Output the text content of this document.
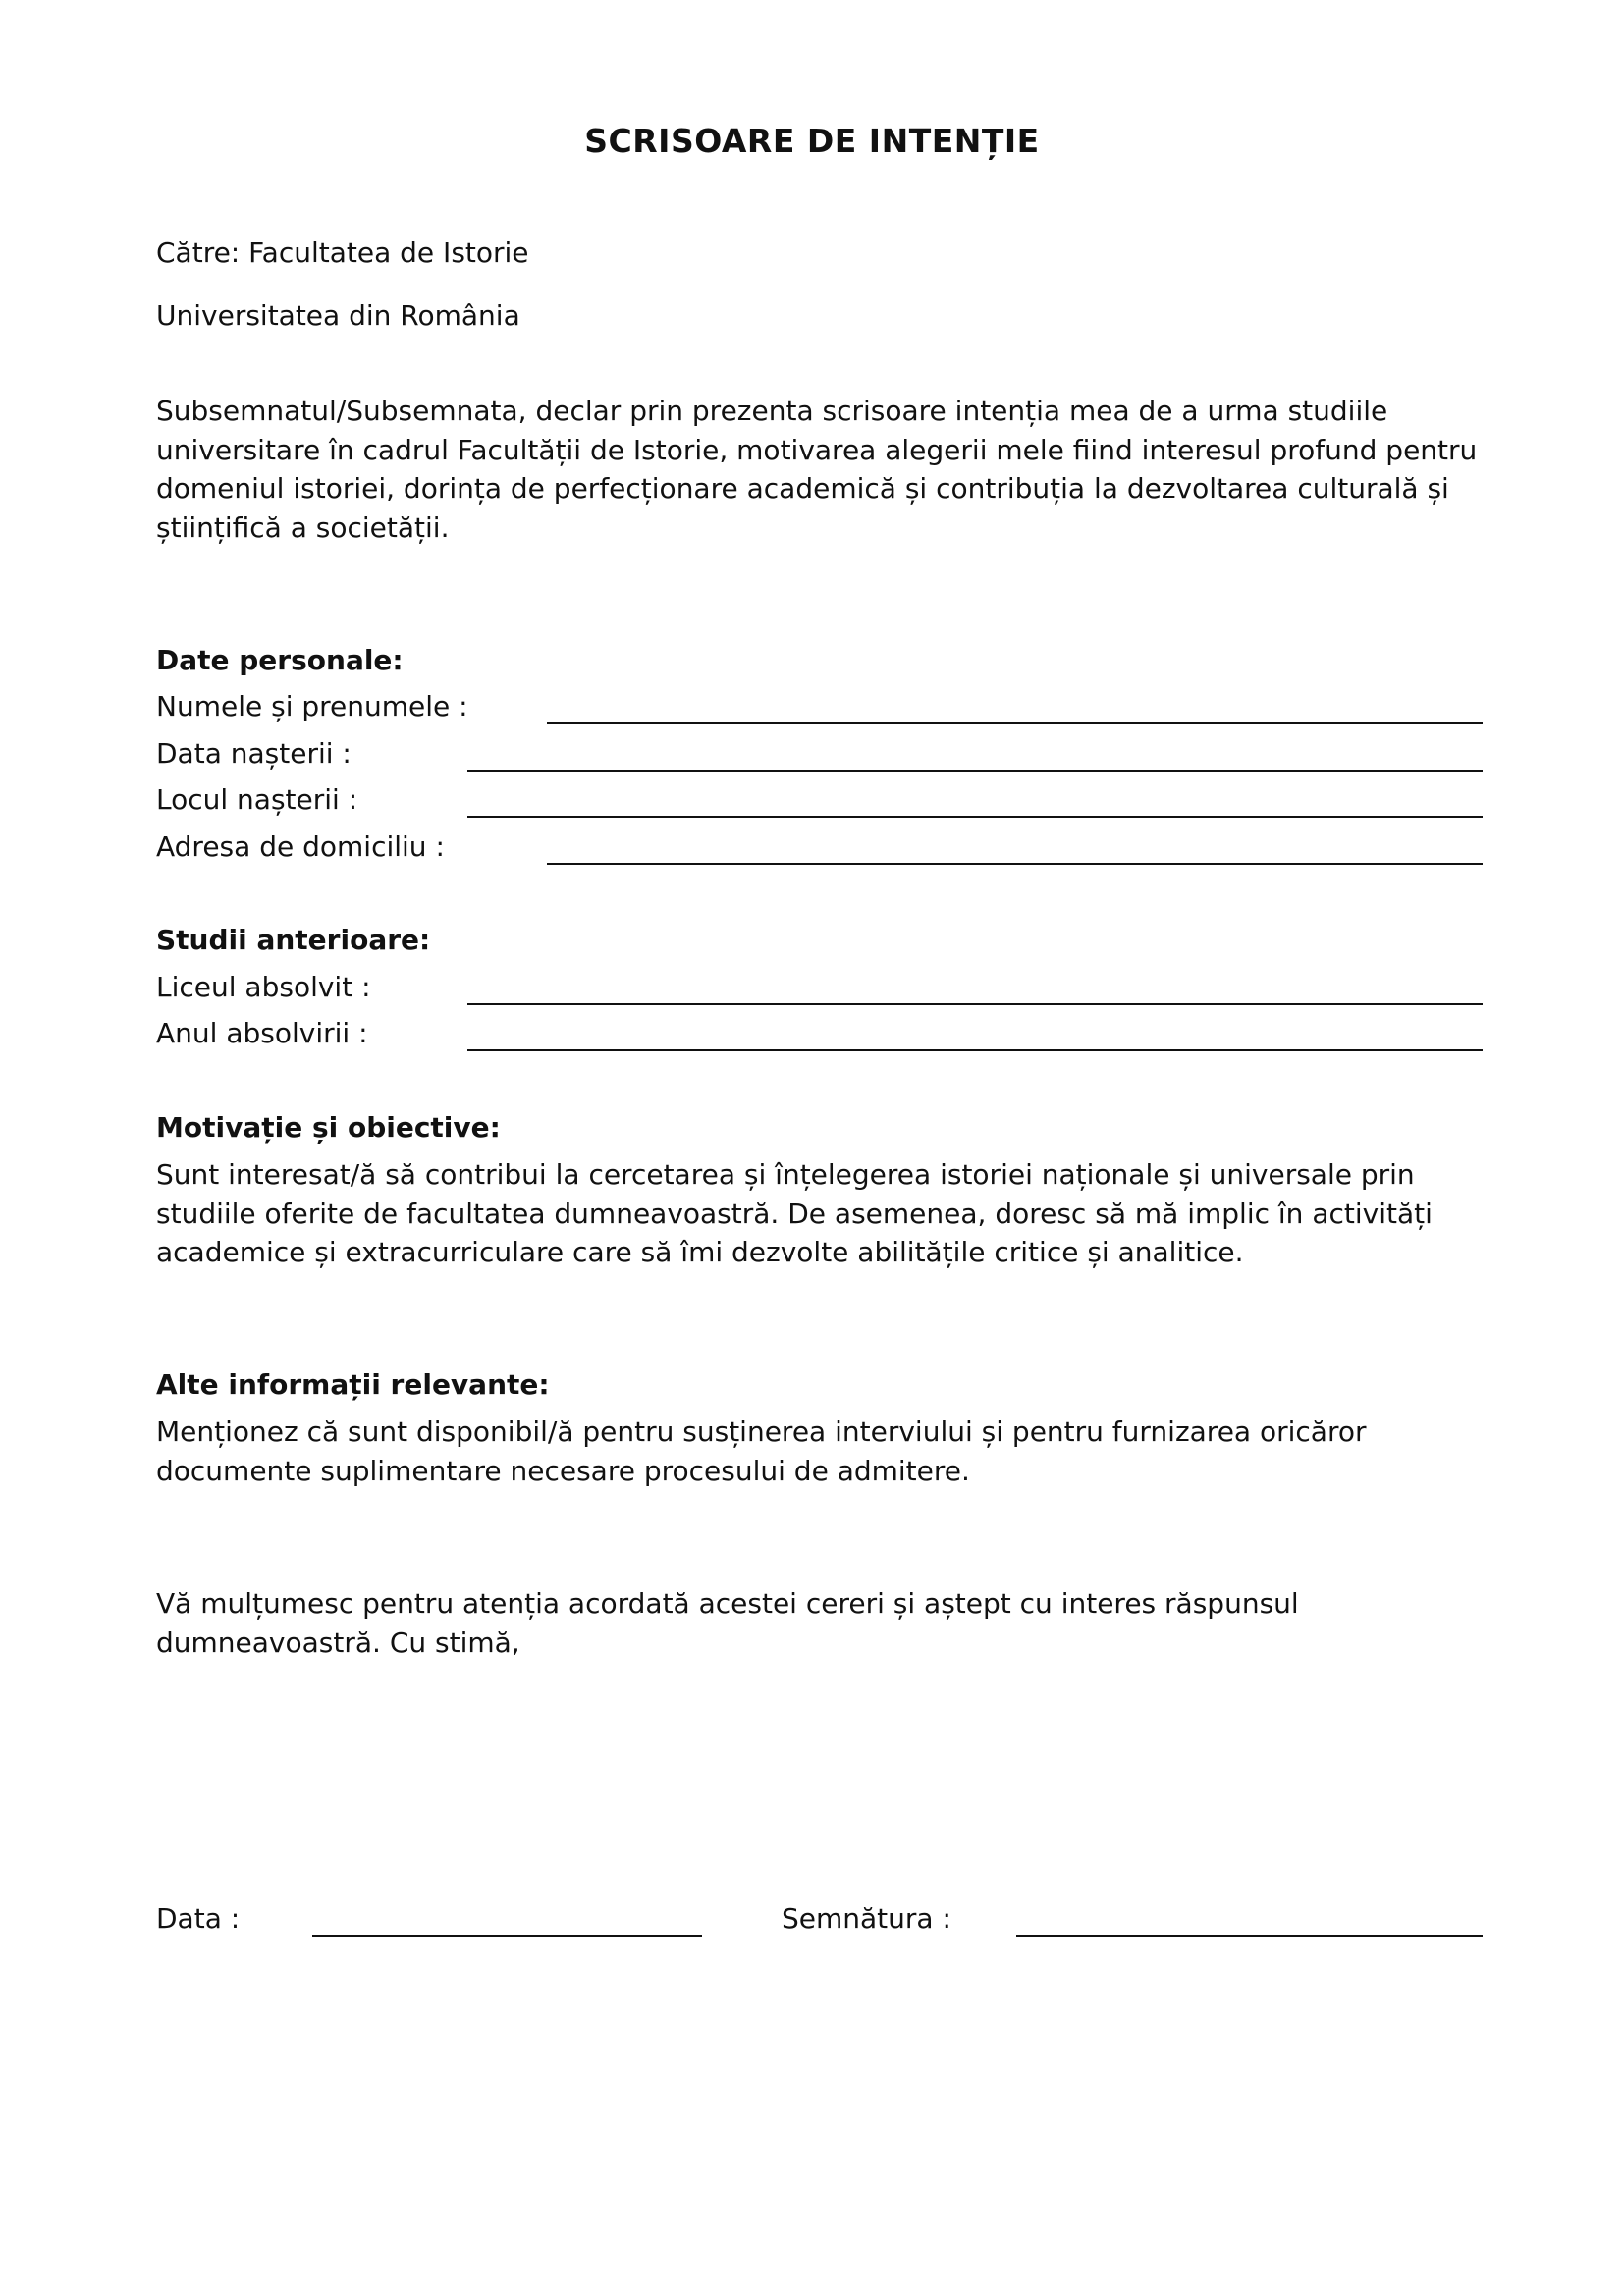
SCRISOARE DE INTENȚIE
Către: Facultatea de Istorie
Universitatea din România
Subsemnatul/Subsemnata, declar prin prezenta scrisoare intenția mea de a urma studiile universitare în cadrul Facultății de Istorie, motivarea alegerii mele fiind interesul profund pentru domeniul istoriei, dorința de perfecționare academică și contribuția la dezvoltarea culturală și științifică a societății.
Date personale:
Numele și prenumele :
Data nașterii :
Locul nașterii :
Adresa de domiciliu :
Studii anterioare:
Liceul absolvit :
Anul absolvirii :
Motivație și obiective:
Sunt interesat/ă să contribui la cercetarea și înțelegerea istoriei naționale și universale prin studiile oferite de facultatea dumneavoastră. De asemenea, doresc să mă implic în activități academice și extracurriculare care să îmi dezvolte abilitățile critice și analitice.
Alte informații relevante:
Menționez că sunt disponibil/ă pentru susținerea interviului și pentru furnizarea oricăror documente suplimentare necesare procesului de admitere.
Vă mulțumesc pentru atenția acordată acestei cereri și aștept cu interes răspunsul dumneavoastră. Cu stimă,
Data :	Semnătura :
